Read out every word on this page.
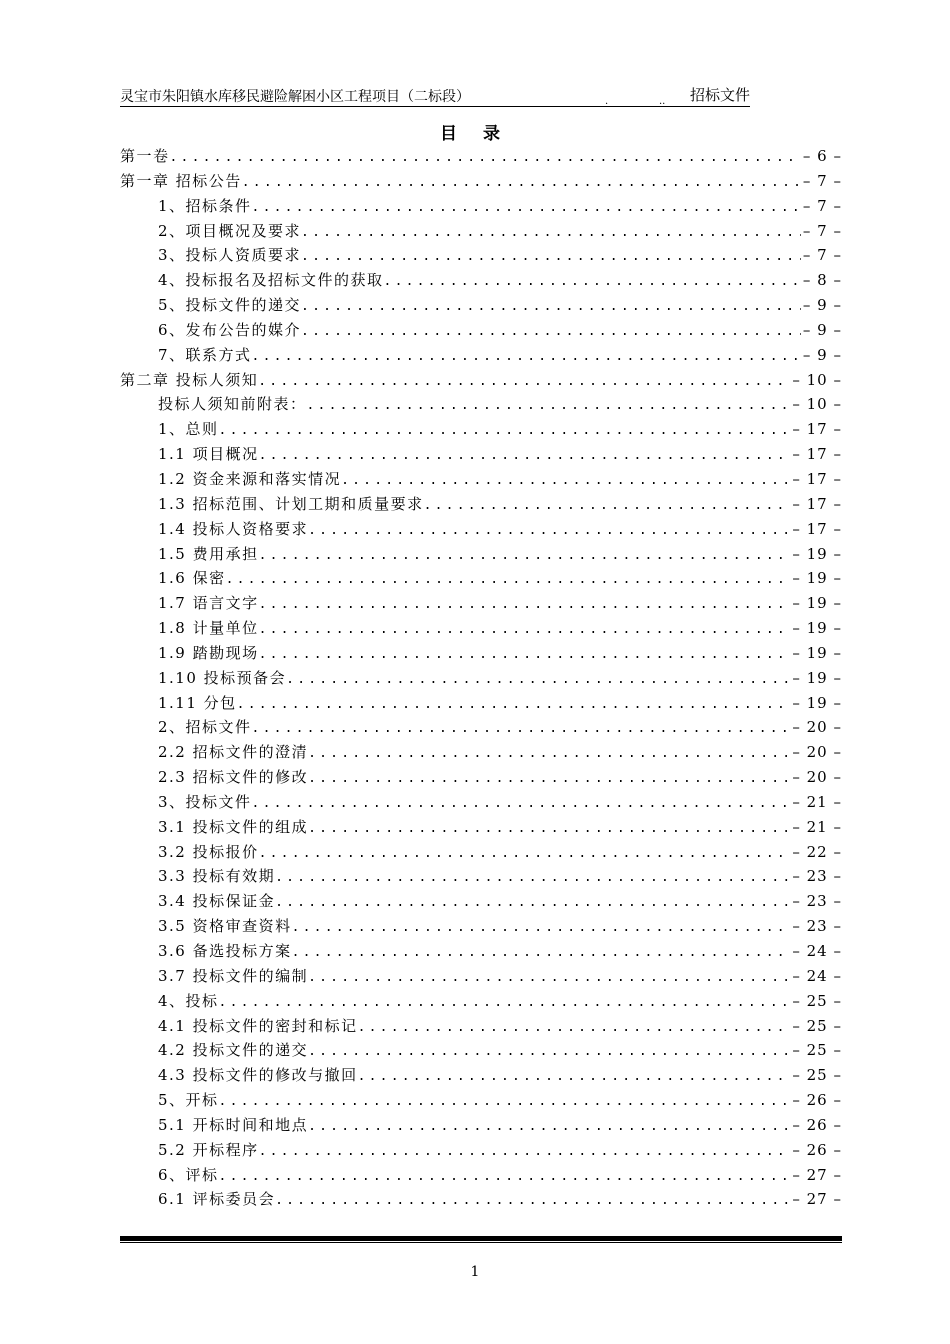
灵宝市朱阳镇水库移民避险解困小区工程项目（二标段）	.	.. 招标文件
目 录
第一卷 .....	– 6 –
第一章 招标公告 .....	– 7 –
1、招标条件 .....	– 7 –
2、项目概况及要求 .....	– 7 –
3、投标人资质要求 .....	– 7 –
4、投标报名及招标文件的获取 .....	– 8 –
5、投标文件的递交 .....	– 9 –
6、发布公告的媒介 .....	– 9 –
7、联系方式 .....	– 9 –
第二章 投标人须知 .....	– 10 –
投标人须知前附表： .....	– 10 –
1、总则 .....	– 17 –
1.1 项目概况 .....	– 17 –
1.2 资金来源和落实情况 .....	– 17 –
1.3 招标范围、计划工期和质量要求 .....	– 17 –
1.4 投标人资格要求 .....	– 17 –
1.5 费用承担 .....	– 19 –
1.6 保密 .....	– 19 –
1.7 语言文字 .....	– 19 –
1.8 计量单位 .....	– 19 –
1.9 踏勘现场 .....	– 19 –
1.10 投标预备会 .....	– 19 –
1.11 分包 .....	– 19 –
2、招标文件 .....	– 20 –
2.2 招标文件的澄清 .....	– 20 –
2.3 招标文件的修改 .....	– 20 –
3、投标文件 .....	– 21 –
3.1 投标文件的组成 .....	– 21 –
3.2 投标报价 .....	– 22 –
3.3 投标有效期 .....	– 23 –
3.4 投标保证金 .....	– 23 –
3.5 资格审查资料 .....	– 23 –
3.6 备选投标方案 .....	– 24 –
3.7 投标文件的编制 .....	– 24 –
4、投标 .....	– 25 –
4.1 投标文件的密封和标记 .....	– 25 –
4.2 投标文件的递交 .....	– 25 –
4.3 投标文件的修改与撤回 .....	– 25 –
5、开标 .....	– 26 –
5.1 开标时间和地点 .....	– 26 –
5.2 开标程序 .....	– 26 –
6、评标 .....	– 27 –
6.1 评标委员会 .....	– 27 –
1
